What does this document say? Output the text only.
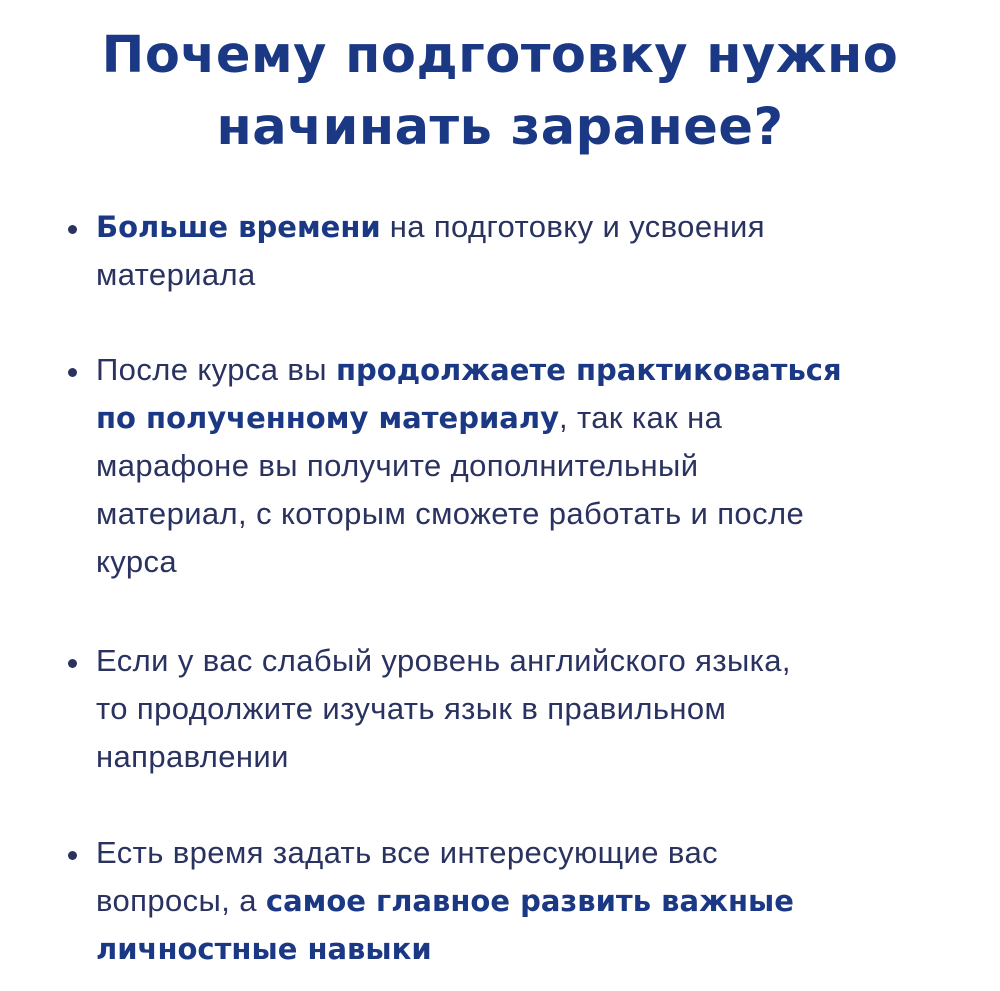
Почему подготовку нужно
начинать заранее?
Больше времени на подготовку и усвоения
материала
После курса вы продолжаете практиковаться
по полученному материалу, так как на
марафоне вы получите дополнительный
материал, с которым сможете работать и после
курса
Если у вас слабый уровень английского языка,
то продолжите изучать язык в правильном
направлении
Есть время задать все интересующие вас
вопросы, а самое главное развить важные
личностные навыки
